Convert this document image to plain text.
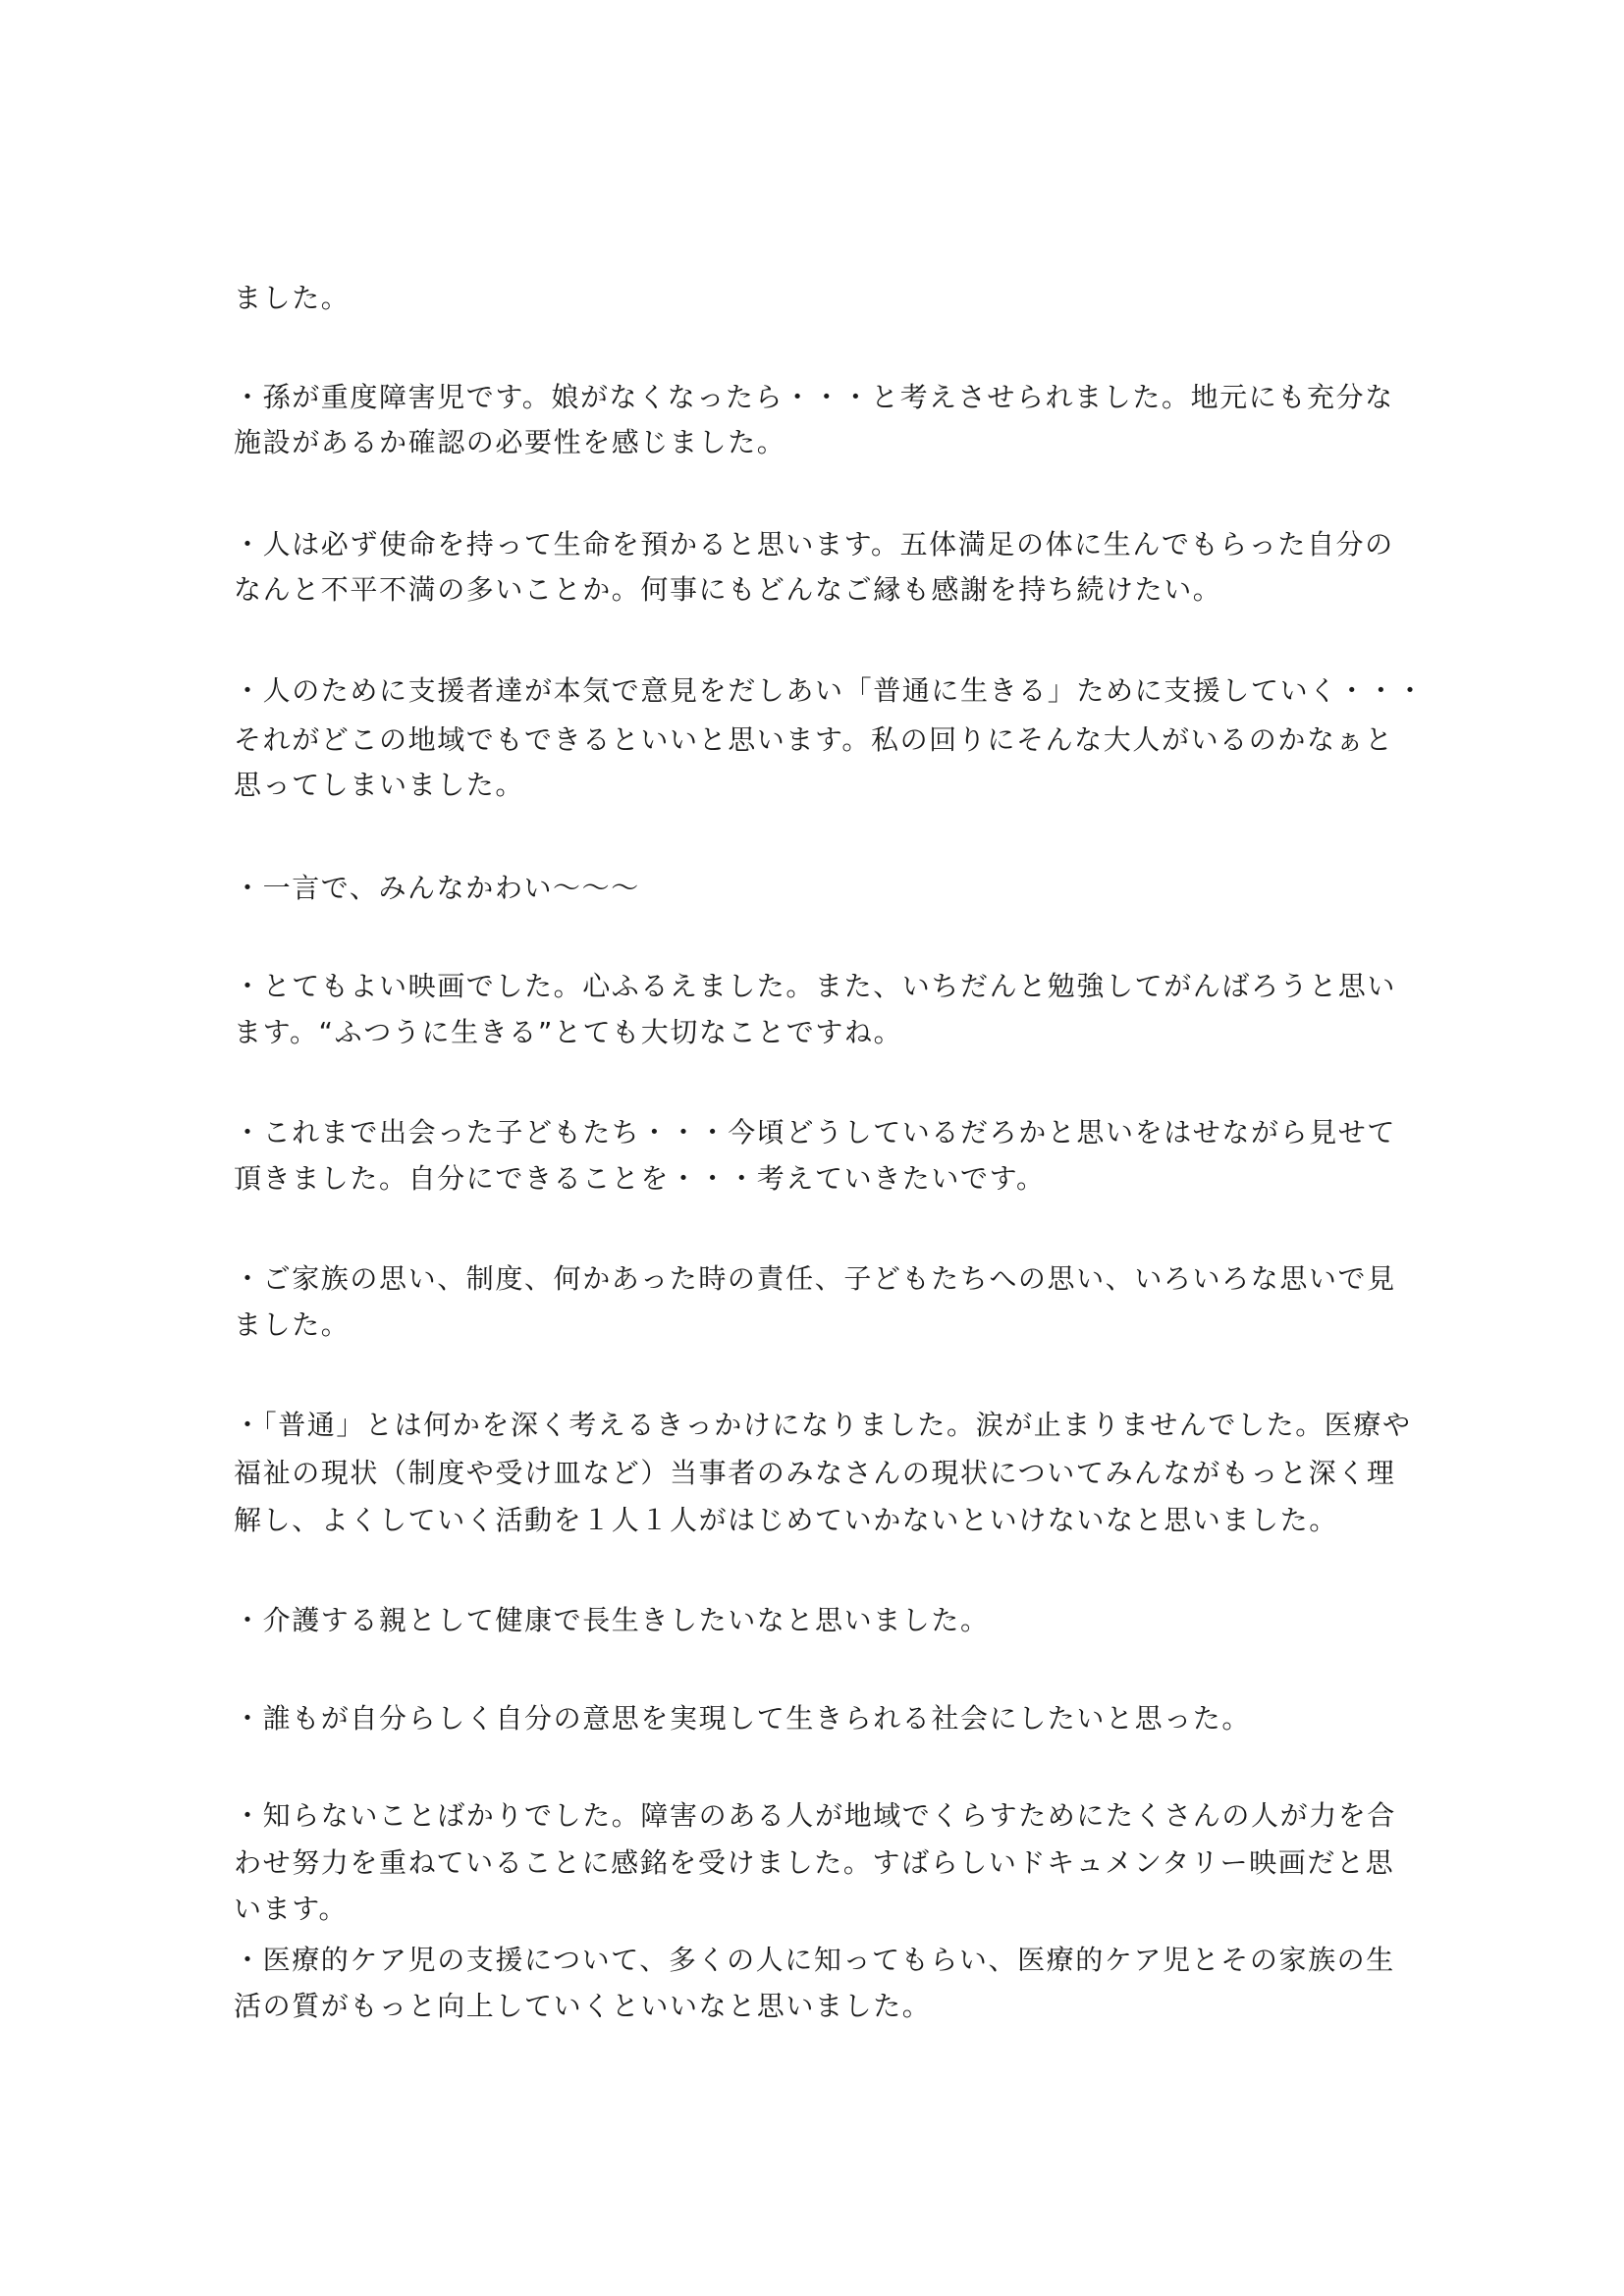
ました。
・孫が重度障害児です。娘がなくなったら・・・と考えさせられました。地元にも充分な
施設があるか確認の必要性を感じました。
・人は必ず使命を持って生命を預かると思います。五体満足の体に生んでもらった自分の
なんと不平不満の多いことか。何事にもどんなご縁も感謝を持ち続けたい。
・人のために支援者達が本気で意見をだしあい「普通に生きる」ために支援していく・・・
それがどこの地域でもできるといいと思います。私の回りにそんな大人がいるのかなぁと
思ってしまいました。
・一言で、みんなかわい〜〜〜
・とてもよい映画でした。心ふるえました。また、いちだんと勉強してがんばろうと思い
ます。“ふつうに生きる”とても大切なことですね。
・これまで出会った子どもたち・・・今頃どうしているだろかと思いをはせながら見せて
頂きました。自分にできることを・・・考えていきたいです。
・ご家族の思い、制度、何かあった時の責任、子どもたちへの思い、いろいろな思いで見
ました。
・「普通」とは何かを深く考えるきっかけになりました。涙が止まりませんでした。医療や
福祉の現状（制度や受け皿など）当事者のみなさんの現状についてみんながもっと深く理
解し、よくしていく活動を１人１人がはじめていかないといけないなと思いました。
・介護する親として健康で長生きしたいなと思いました。
・誰もが自分らしく自分の意思を実現して生きられる社会にしたいと思った。
・知らないことばかりでした。障害のある人が地域でくらすためにたくさんの人が力を合
わせ努力を重ねていることに感銘を受けました。すばらしいドキュメンタリー映画だと思
います。
・医療的ケア児の支援について、多くの人に知ってもらい、医療的ケア児とその家族の生
活の質がもっと向上していくといいなと思いました。
